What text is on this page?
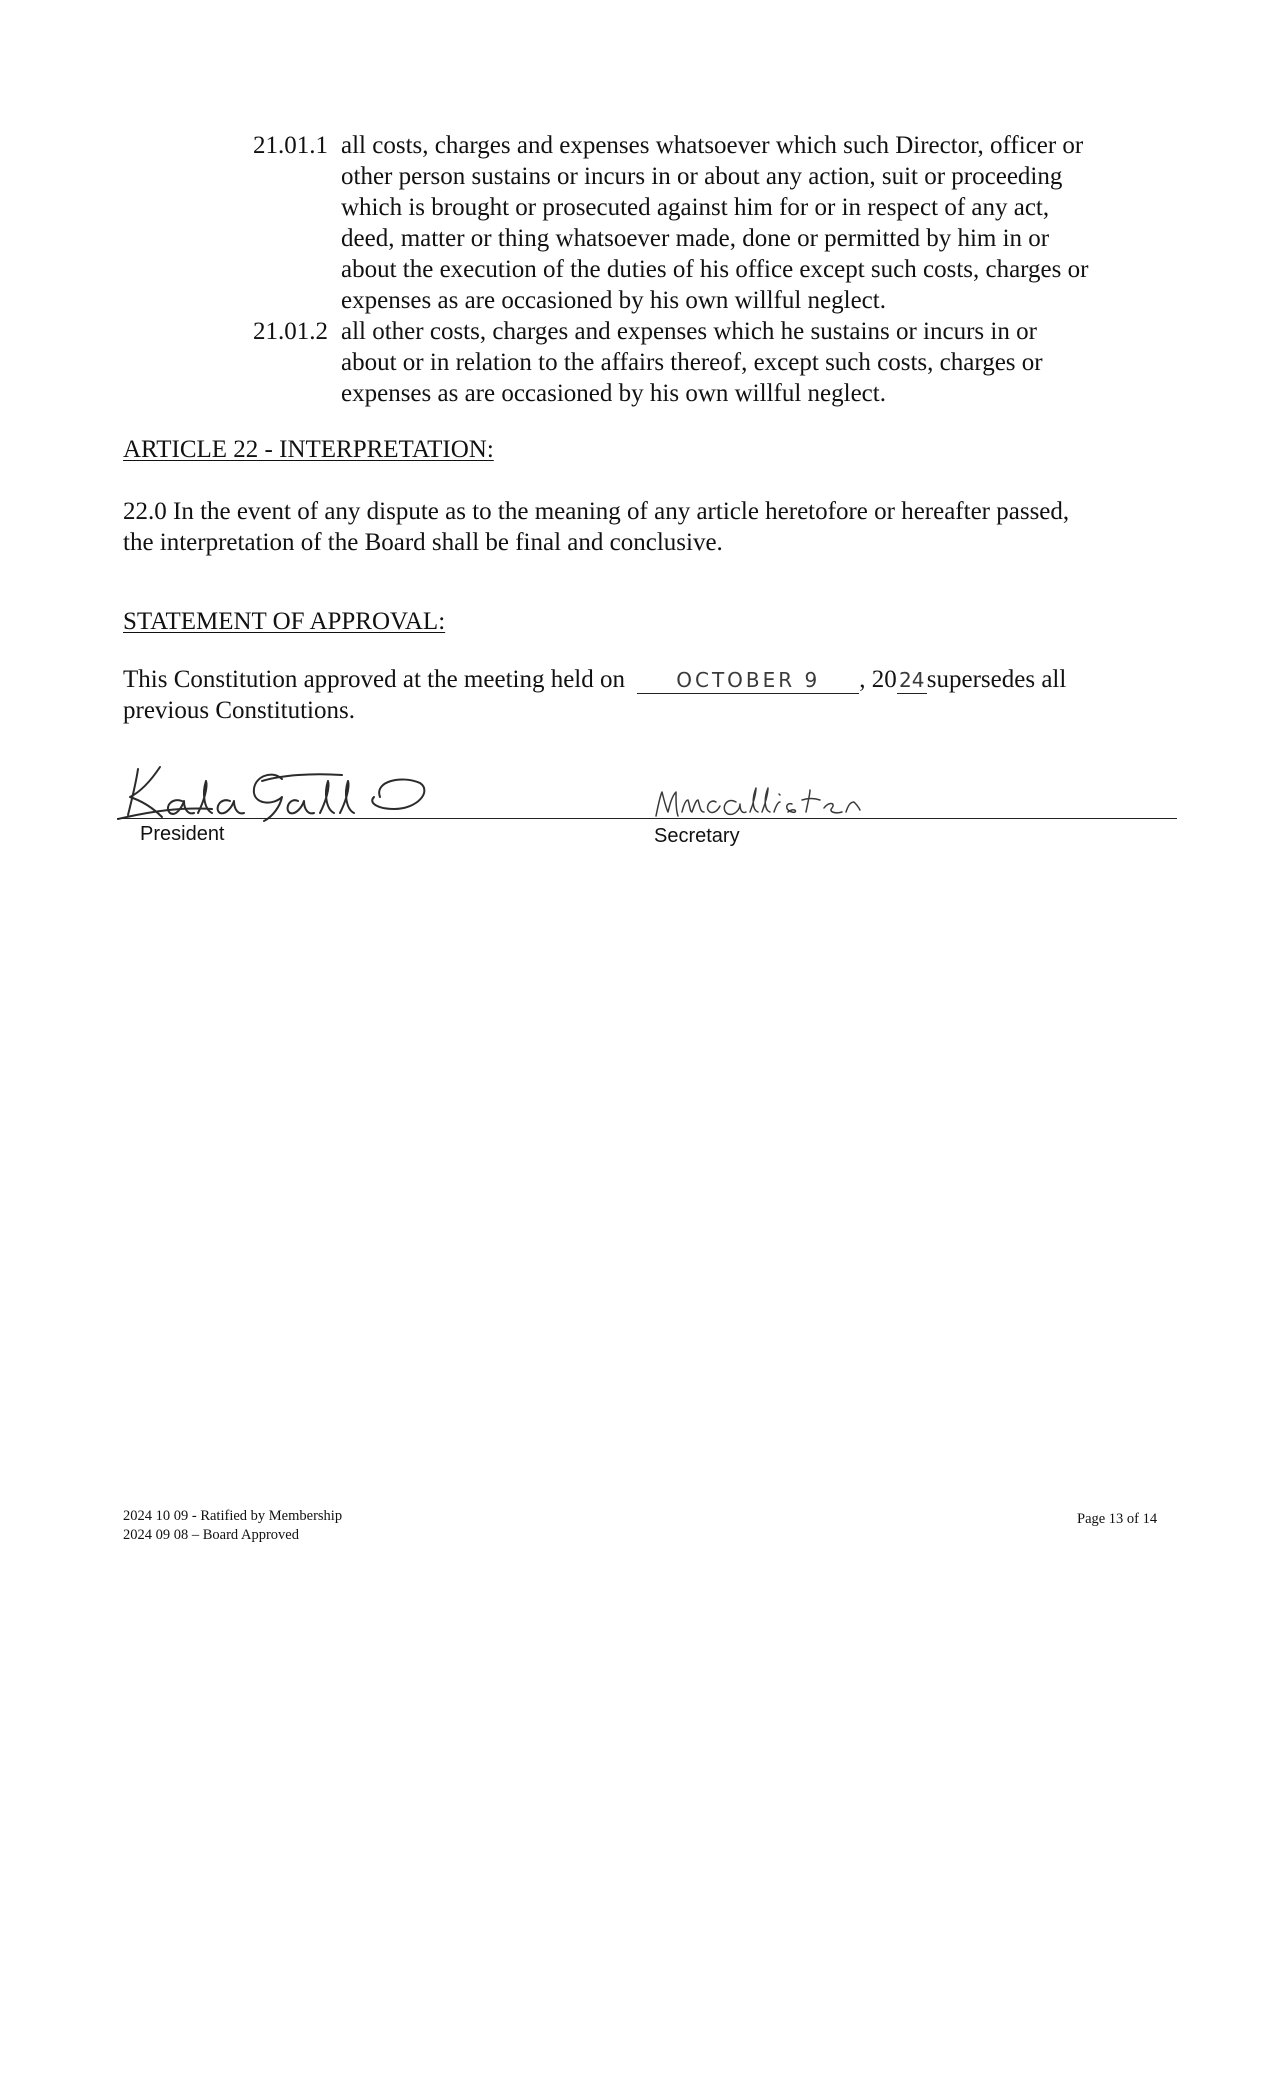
21.01.1 all costs, charges and expenses whatsoever which such Director, officer or
other person sustains or incurs in or about any action, suit or proceeding
which is brought or prosecuted against him for or in respect of any act,
deed, matter or thing whatsoever made, done or permitted by him in or
about the execution of the duties of his office except such costs, charges or
expenses as are occasioned by his own willful neglect.
21.01.2 all other costs, charges and expenses which he sustains or incurs in or
about or in relation to the affairs thereof, except such costs, charges or
expenses as are occasioned by his own willful neglect.
ARTICLE 22 - INTERPRETATION:
22.0 In the event of any dispute as to the meaning of any article heretofore or hereafter passed,
the interpretation of the Board shall be final and conclusive.
STATEMENT OF APPROVAL:
This Constitution approved at the meeting held on	OCTOBER 9 , 20 24supersedes all
previous Constitutions.
President	Secretary
2024 10 09 - Ratified by Membership
2024 09 08 – Board Approved
Page 13 of 14
